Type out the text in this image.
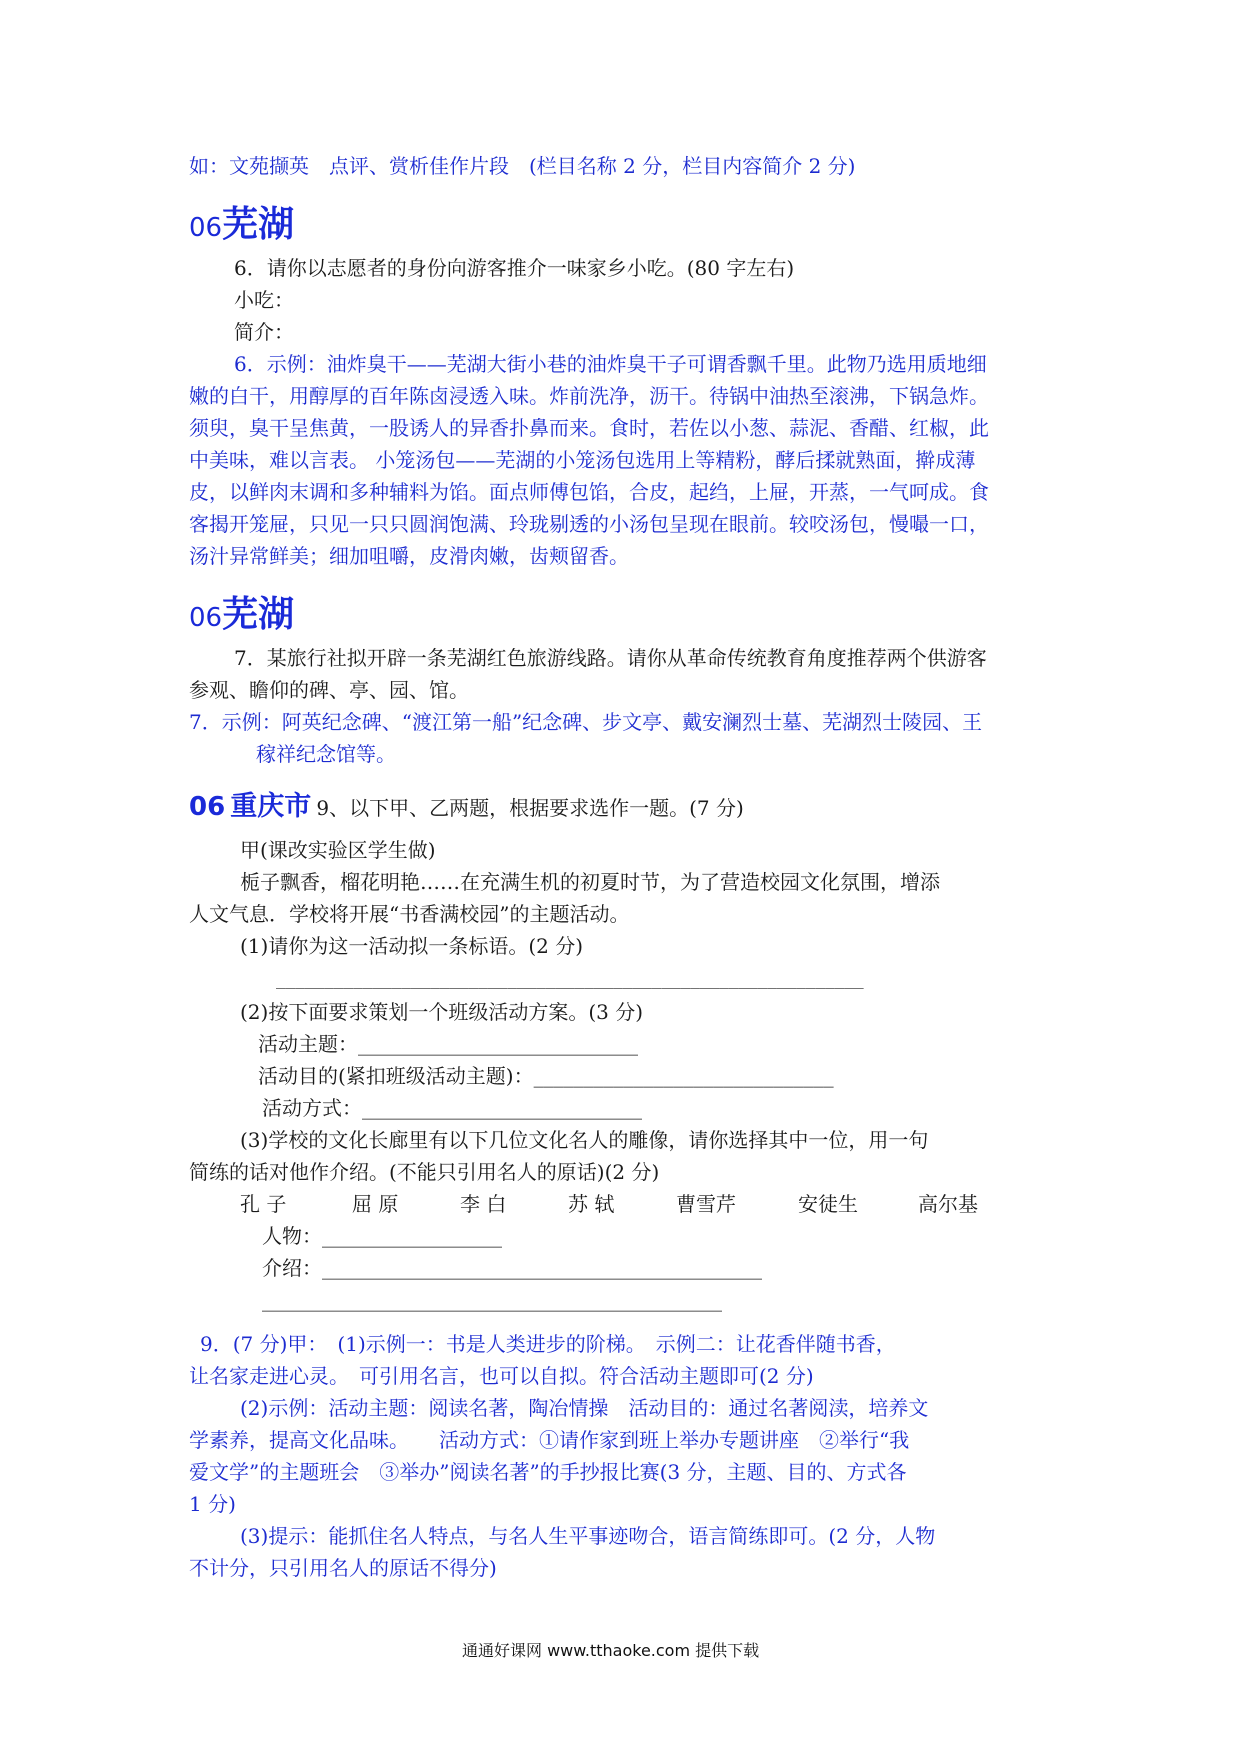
如：文苑撷英　点评、赏析佳作片段　(栏目名称 2 分，栏目内容简介 2 分)
06芜湖
6．请你以志愿者的身份向游客推介一味家乡小吃。(80 字左右)
小吃：
简介：
6．示例：油炸臭干——芜湖大街小巷的油炸臭干子可谓香飘千里。此物乃选用质地细
嫩的白干，用醇厚的百年陈卤浸透入味。炸前洗净，沥干。待锅中油热至滚沸，下锅急炸。
须臾，臭干呈焦黄，一股诱人的异香扑鼻而来。食时，若佐以小葱、蒜泥、香醋、红椒，此
中美味，难以言表。 小笼汤包——芜湖的小笼汤包选用上等精粉，酵后揉就熟面，擀成薄
皮，以鲜肉末调和多种辅料为馅。面点师傅包馅，合皮，起绉，上屉，开蒸，一气呵成。食
客揭开笼屉，只见一只只圆润饱满、玲珑剔透的小汤包呈现在眼前。较咬汤包，慢嘬一口，
汤汁异常鲜美；细加咀嚼，皮滑肉嫩，齿颊留香。
06芜湖
7．某旅行社拟开辟一条芜湖红色旅游线路。请你从革命传统教育角度推荐两个供游客
参观、瞻仰的碑、亭、园、馆。
7．示例：阿英纪念碑、“渡江第一船”纪念碑、步文亭、戴安澜烈士墓、芜湖烈士陵园、王
稼祥纪念馆等。
06 重庆市 9、以下甲、乙两题，根据要求选作一题。(7 分)
甲(课改实验区学生做)
栀子飘香，榴花明艳……在充满生机的初夏时节，为了营造校园文化氛围，增添
人文气息．学校将开展“书香满校园”的主题活动。
(1)请你为这一活动拟一条标语。(2 分)
_____________________________________________________________
(2)按下面要求策划一个班级活动方案。(3 分)
活动主题：____________________________
活动目的(紧扣班级活动主题)：______________________________
活动方式：____________________________
(3)学校的文化长廊里有以下几位文化名人的雕像，请你选择其中一位，用一句
简练的话对他作介绍。(不能只引用名人的原话)(2 分)
孔 子	屈 原	李 白	苏 轼	曹雪芹	安徒生	高尔基
人物：__________________
介绍：____________________________________________
______________________________________________
9．(7 分)甲：　(1)示例一：书是人类进步的阶梯。　示例二：让花香伴随书香，
让名家走进心灵。　可引用名言，也可以自拟。符合活动主题即可(2 分)
(2)示例：活动主题：阅读名著，陶冶情操　活动目的：通过名著阅渎，培养文
学素养，提高文化品味。　　活动方式：①请作家到班上举办专题讲座　②举行“我
爱文学”的主题班会　③举办”阅读名著”的手抄报比赛(3 分，主题、目的、方式各
1 分)
(3)提示：能抓住名人特点，与名人生平事迹吻合，语言简练即可。(2 分，人物
不计分，只引用名人的原话不得分)
通通好课网 www.tthaoke.com 提供下载
